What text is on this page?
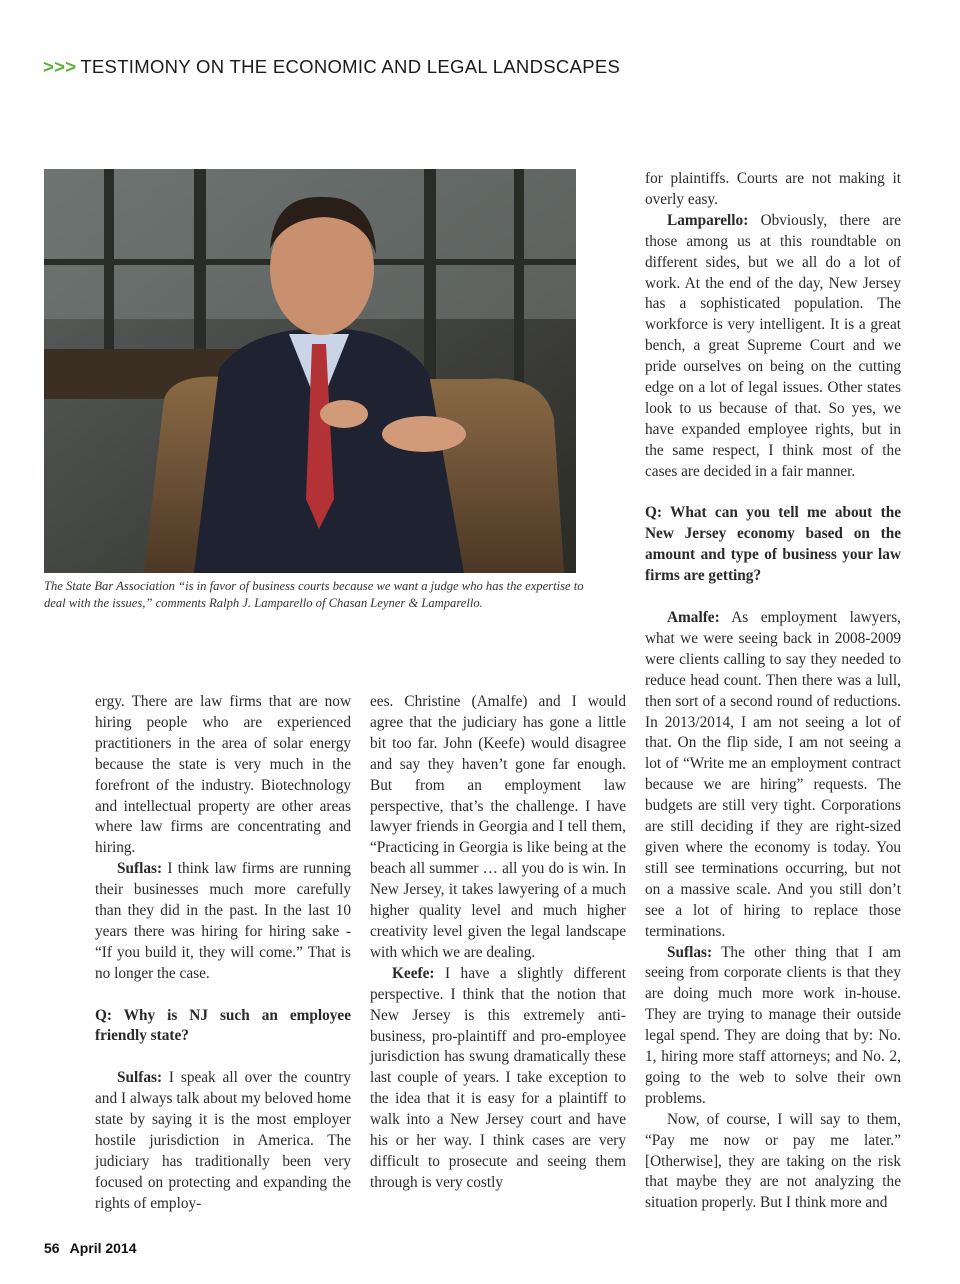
>>> TESTIMONY ON THE ECONOMIC AND LEGAL LANDSCAPES
The State Bar Association “is in favor of business courts because we want a judge who has the expertise to deal with the issues,” comments Ralph J. Lamparello of Chasan Leyner & Lamparello.

ergy. There are law firms that are now hiring people who are experienced practitioners in the area of solar energy because the state is very much in the forefront of the industry. Biotechnology and intellectual property are other areas where law firms are concentrating and hiring.

Suflas: I think law firms are running their businesses much more carefully than they did in the past. In the last 10 years there was hiring for hiring sake - “If you build it, they will come.” That is no longer the case.

Q: Why is NJ such an employee friendly state?

Sulfas: I speak all over the country and I always talk about my beloved home state by saying it is the most employer hostile jurisdiction in America. The judiciary has traditionally been very focused on protecting and expanding the rights of employ-

ees. Christine (Amalfe) and I would agree that the judiciary has gone a little bit too far. John (Keefe) would disagree and say they haven’t gone far enough. But from an employment law perspective, that’s the challenge. I have lawyer friends in Georgia and I tell them, “Practicing in Georgia is like being at the beach all summer … all you do is win. In New Jersey, it takes lawyering of a much higher quality level and much higher creativity level given the legal landscape with which we are dealing.

Keefe: I have a slightly different perspective. I think that the notion that New Jersey is this extremely anti-business, pro-plaintiff and pro-employee jurisdiction has swung dramatically these last couple of years. I take exception to the idea that it is easy for a plaintiff to walk into a New Jersey court and have his or her way. I think cases are very difficult to prosecute and seeing them through is very costly

for plaintiffs. Courts are not making it overly easy.

Lamparello: Obviously, there are those among us at this roundtable on different sides, but we all do a lot of work. At the end of the day, New Jersey has a sophisticated population. The workforce is very intelligent. It is a great bench, a great Supreme Court and we pride ourselves on being on the cutting edge on a lot of legal issues. Other states look to us because of that. So yes, we have expanded employee rights, but in the same respect, I think most of the cases are decided in a fair manner.

Q: What can you tell me about the New Jersey economy based on the amount and type of business your law firms are getting?

Amalfe: As employment lawyers, what we were seeing back in 2008-2009 were clients calling to say they needed to reduce head count. Then there was a lull, then sort of a second round of reductions. In 2013/2014, I am not seeing a lot of that. On the flip side, I am not seeing a lot of “Write me an employment contract because we are hiring” requests. The budgets are still very tight. Corporations are still deciding if they are right-sized given where the economy is today. You still see terminations occurring, but not on a massive scale. And you still don’t see a lot of hiring to replace those terminations.

Suflas: The other thing that I am seeing from corporate clients is that they are doing much more work in-house. They are trying to manage their outside legal spend. They are doing that by: No. 1, hiring more staff attorneys; and No. 2, going to the web to solve their own problems.

Now, of course, I will say to them, “Pay me now or pay me later.” [Otherwise], they are taking on the risk that maybe they are not analyzing the situation properly. But I think more and

56 April 2014
